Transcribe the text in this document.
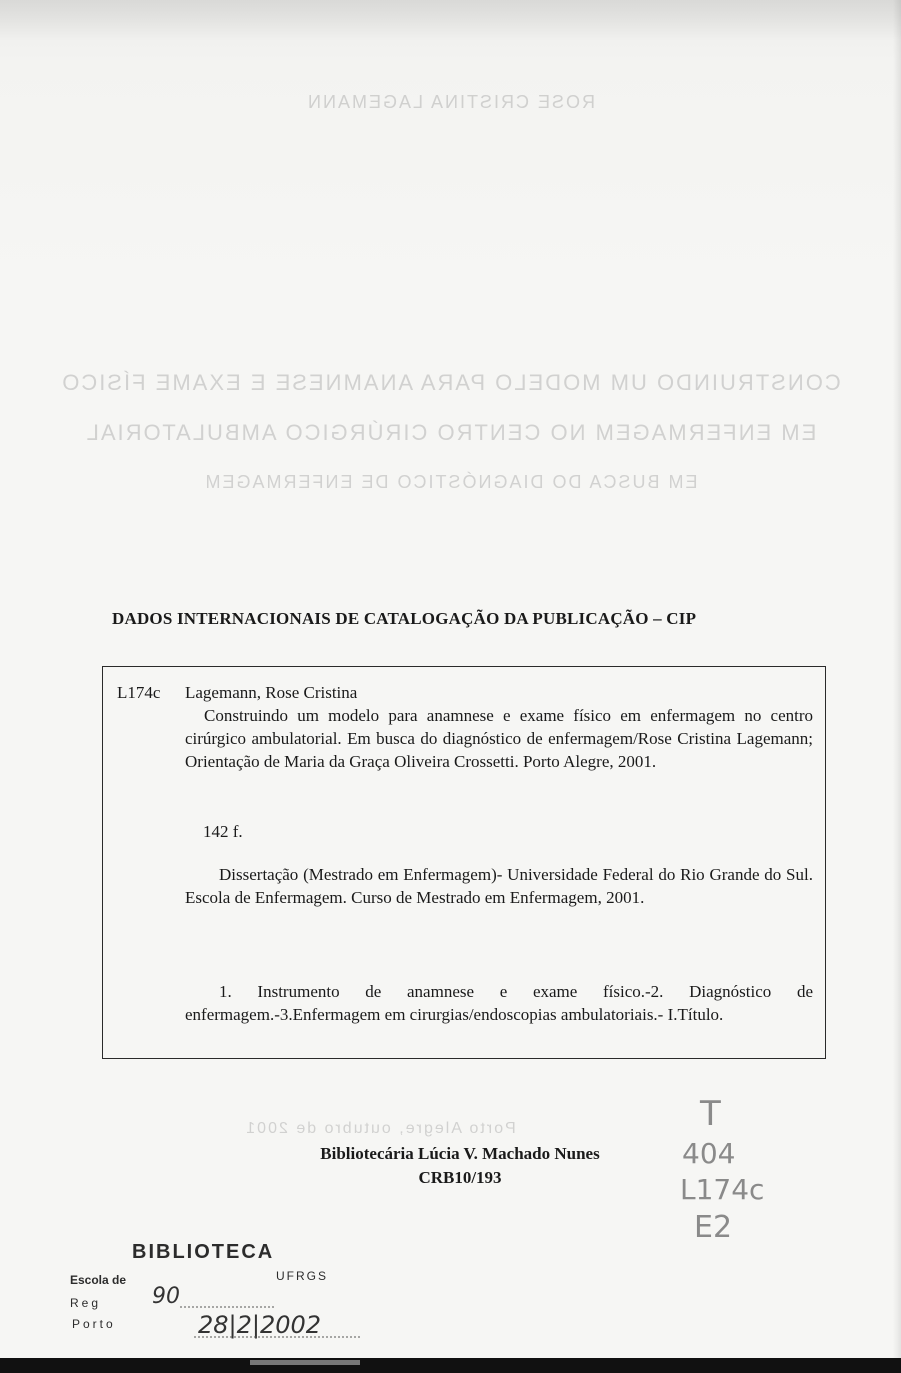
ROSE CRISTINA LAGEMANN
CONSTRUINDO UM MODELO PARA ANAMNESE E EXAME FÍSICO
EM ENFERMAGEM NO CENTRO CIRÚRGICO AMBULATORIAL
EM BUSCA DO DIAGNÓSTICO DE ENFERMAGEM
Porto Alegre, outubro de 2001
DADOS INTERNACIONAIS DE CATALOGAÇÃO DA PUBLICAÇÃO – CIP
L174c Lagemann, Rose Cristina
Construindo um modelo para anamnese e exame físico em enfermagem no centro cirúrgico ambulatorial. Em busca do diagnóstico de enfermagem/Rose Cristina Lagemann; Orientação de Maria da Graça Oliveira Crossetti. Porto Alegre, 2001.
142 f.
Dissertação (Mestrado em Enfermagem)- Universidade Federal do Rio Grande do Sul. Escola de Enfermagem. Curso de Mestrado em Enfermagem, 2001.
1. Instrumento de anamnese e exame físico.-2. Diagnóstico de enfermagem.-3.Enfermagem em cirurgias/endoscopias ambulatoriais.- I.Título.
Bibliotecária Lúcia V. Machado Nunes
CRB10/193
T
404
L174c
E2
BIBLIOTECA
Escola de	UFRGS
Reg
Porto
90
28|2|2002
